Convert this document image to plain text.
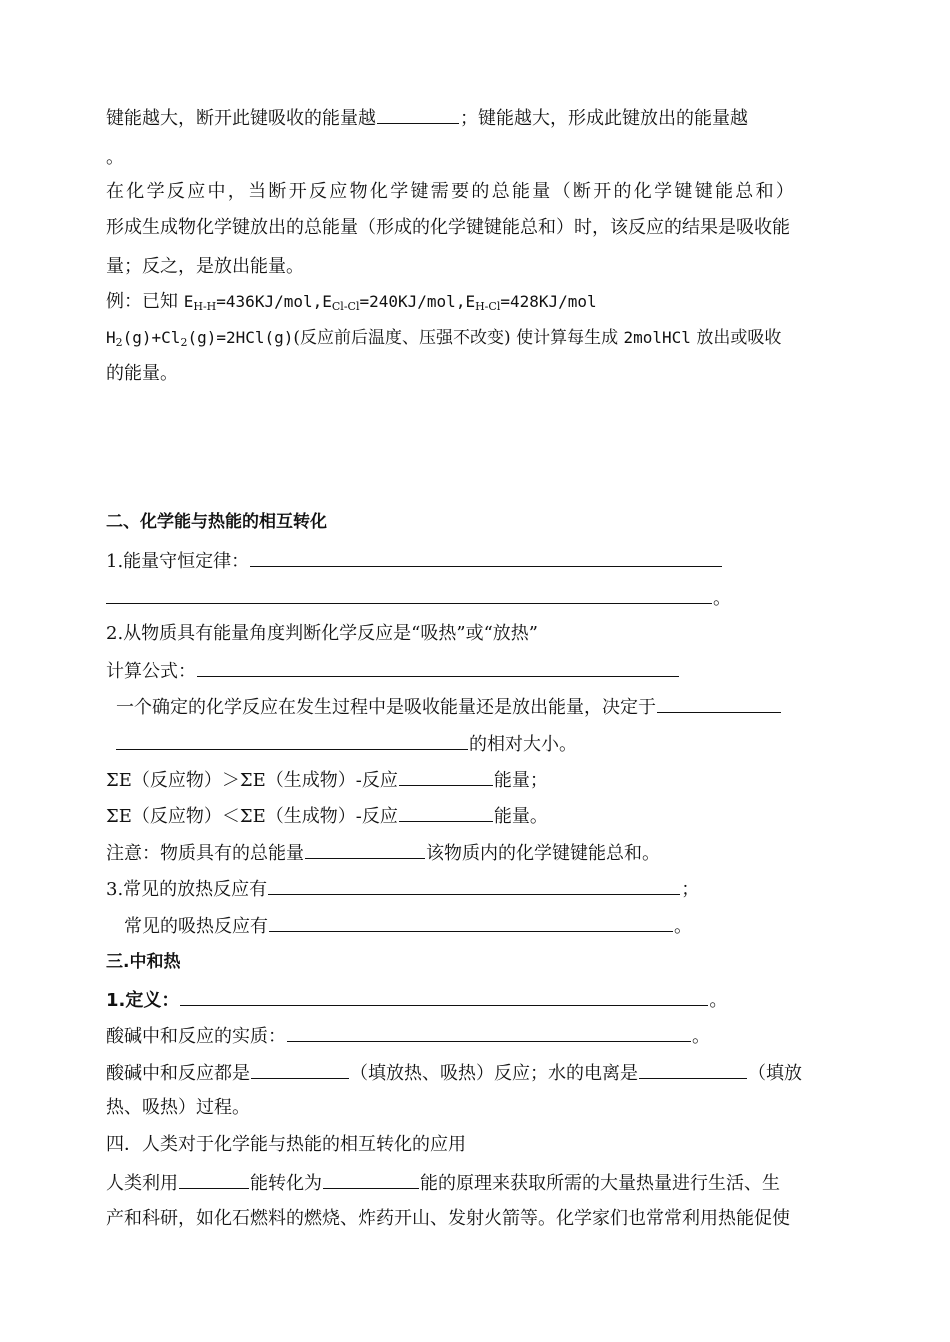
键能越大，断开此键吸收的能量越	；键能越大，形成此键放出的能量越
。
在化学反应中，当断开反应物化学键需要的总能量（断开的化学键键能总和）
形成生成物化学键放出的总能量（形成的化学键键能总和）时，该反应的结果是吸收能
量；反之，是放出能量。
例：已知 $E_{H-H}=436KJ/mol,E_{Cl-Cl}=240KJ/mol,E_{H-Cl}=428KJ$/mol
$H_2(g)+Cl_2(g)=2HCl(g)$(反应前后温度、压强不改变) 使计算每生成 2molHCl 放出或吸收
的能量。
二、化学能与热能的相互转化
1.能量守恒定律：
。
2.从物质具有能量角度判断化学反应是“吸热”或“放热”
计算公式：
一个确定的化学反应在发生过程中是吸收能量还是放出能量，决定于
的相对大小。
ΣE（反应物）＞ΣE（生成物）-反应	能量；
ΣE（反应物）＜ΣE（生成物）-反应	能量。
注意：物质具有的总能量	该物质内的化学键键能总和。
3.常见的放热反应有	；
常见的吸热反应有	。
三.中和热
1.定义：	。
酸碱中和反应的实质：	。
酸碱中和反应都是	（填放热、吸热）反应；水的电离是	（填放
热、吸热）过程。
四．人类对于化学能与热能的相互转化的应用
人类利用	能转化为	能的原理来获取所需的大量热量进行生活、生
产和科研，如化石燃料的燃烧、炸药开山、发射火箭等。化学家们也常常利用热能促使
